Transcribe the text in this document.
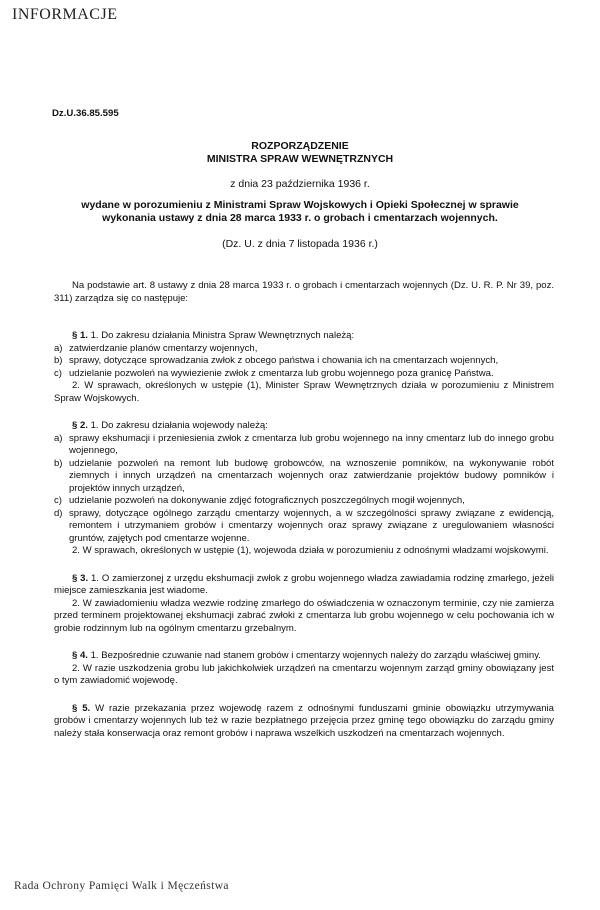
INFORMACJE
Dz.U.36.85.595
ROZPORZĄDZENIE
MINISTRA SPRAW WEWNĘTRZNYCH
z dnia 23 października 1936 r.
wydane w porozumieniu z Ministrami Spraw Wojskowych i Opieki Społecznej w sprawie
wykonania ustawy z dnia 28 marca 1933 r. o grobach i cmentarzach wojennych.
(Dz. U. z dnia 7 listopada 1936 r.)

Na podstawie art. 8 ustawy z dnia 28 marca 1933 r. o grobach i cmentarzach wojennych (Dz. U. R. P. Nr 39, poz. 311) zarządza się co następuje:

§ 1. 1. Do zakresu działania Ministra Spraw Wewnętrznych należą:

a) zatwierdzanie planów cmentarzy wojennych,
b) sprawy, dotyczące sprowadzania zwłok z obcego państwa i chowania ich na cmentarzach wojennych,
c) udzielanie pozwoleń na wywiezienie zwłok z cmentarza lub grobu wojennego poza granicę Państwa.

2. W sprawach, określonych w ustępie (1), Minister Spraw Wewnętrznych działa w porozumieniu z Ministrem Spraw Wojskowych.

§ 2. 1. Do zakresu działania wojewody należą:

a) sprawy ekshumacji i przeniesienia zwłok z cmentarza lub grobu wojennego na inny cmentarz lub do innego grobu wojennego,
b) udzielanie pozwoleń na remont lub budowę grobowców, na wznoszenie pomników, na wykonywanie robót ziemnych i innych urządzeń na cmentarzach wojennych oraz zatwierdzanie projektów budowy pomników i projektów innych urządzeń,
c) udzielanie pozwoleń na dokonywanie zdjęć fotograficznych poszczególnych mogił wojennych,
d) sprawy, dotyczące ogólnego zarządu cmentarzy wojennych, a w szczególności sprawy związane z ewidencją, remontem i utrzymaniem grobów i cmentarzy wojennych oraz sprawy związane z uregulowaniem własności gruntów, zajętych pod cmentarze wojenne.

2. W sprawach, określonych w ustępie (1), wojewoda działa w porozumieniu z odnośnymi władzami wojskowymi.

§ 3. 1. O zamierzonej z urzędu ekshumacji zwłok z grobu wojennego władza zawiadamia rodzinę zmarłego, jeżeli miejsce zamieszkania jest wiadome.

2. W zawiadomieniu władza wezwie rodzinę zmarłego do oświadczenia w oznaczonym terminie, czy nie zamierza przed terminem projektowanej ekshumacji zabrać zwłoki z cmentarza lub grobu wojennego w celu pochowania ich w grobie rodzinnym lub na ogólnym cmentarzu grzebalnym.

§ 4. 1. Bezpośrednie czuwanie nad stanem grobów i cmentarzy wojennych należy do zarządu właściwej gminy.

2. W razie uszkodzenia grobu lub jakichkolwiek urządzeń na cmentarzu wojennym zarząd gminy obowiązany jest o tym zawiadomić wojewodę.

§ 5. W razie przekazania przez wojewodę razem z odnośnymi funduszami gminie obowiązku utrzymywania grobów i cmentarzy wojennych lub też w razie bezpłatnego przejęcia przez gminę tego obowiązku do zarządu gminy należy stała konserwacja oraz remont grobów i naprawa wszelkich uszkodzeń na cmentarzach wojennych.

Rada Ochrony Pamięci Walk i Męczeństwa
